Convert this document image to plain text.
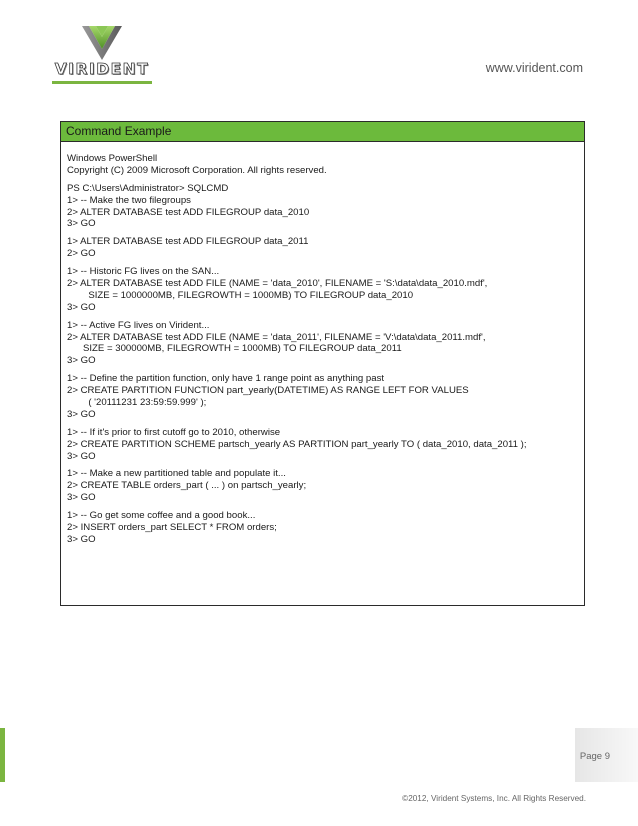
VIRIDENT	www.virident.com
Command Example
Windows PowerShell
Copyright (C) 2009 Microsoft Corporation. All rights reserved.
PS C:\Users\Administrator> SQLCMD
1> -- Make the two filegroups
2> ALTER DATABASE test ADD FILEGROUP data_2010
3> GO
1> ALTER DATABASE test ADD FILEGROUP data_2011
2> GO
1> -- Historic FG lives on the SAN...
2> ALTER DATABASE test ADD FILE (NAME = 'data_2010', FILENAME = 'S:\data\data_2010.mdf',
SIZE = 1000000MB, FILEGROWTH = 1000MB) TO FILEGROUP data_2010
3> GO
1> -- Active FG lives on Virident...
2> ALTER DATABASE test ADD FILE (NAME = 'data_2011', FILENAME = 'V:\data\data_2011.mdf',
SIZE = 300000MB, FILEGROWTH = 1000MB) TO FILEGROUP data_2011
3> GO
1> -- Define the partition function, only have 1 range point as anything past
2> CREATE PARTITION FUNCTION part_yearly(DATETIME) AS RANGE LEFT FOR VALUES
( '20111231 23:59:59.999' );
3> GO
1> -- If it's prior to first cutoff go to 2010, otherwise
2> CREATE PARTITION SCHEME partsch_yearly AS PARTITION part_yearly TO ( data_2010, data_2011 );
3> GO
1> -- Make a new partitioned table and populate it...
2> CREATE TABLE orders_part ( ... ) on partsch_yearly;
3> GO
1> -- Go get some coffee and a good book...
2> INSERT orders_part SELECT * FROM orders;
3> GO
Page 9
©2012, Virident Systems, Inc. All Rights Reserved.
